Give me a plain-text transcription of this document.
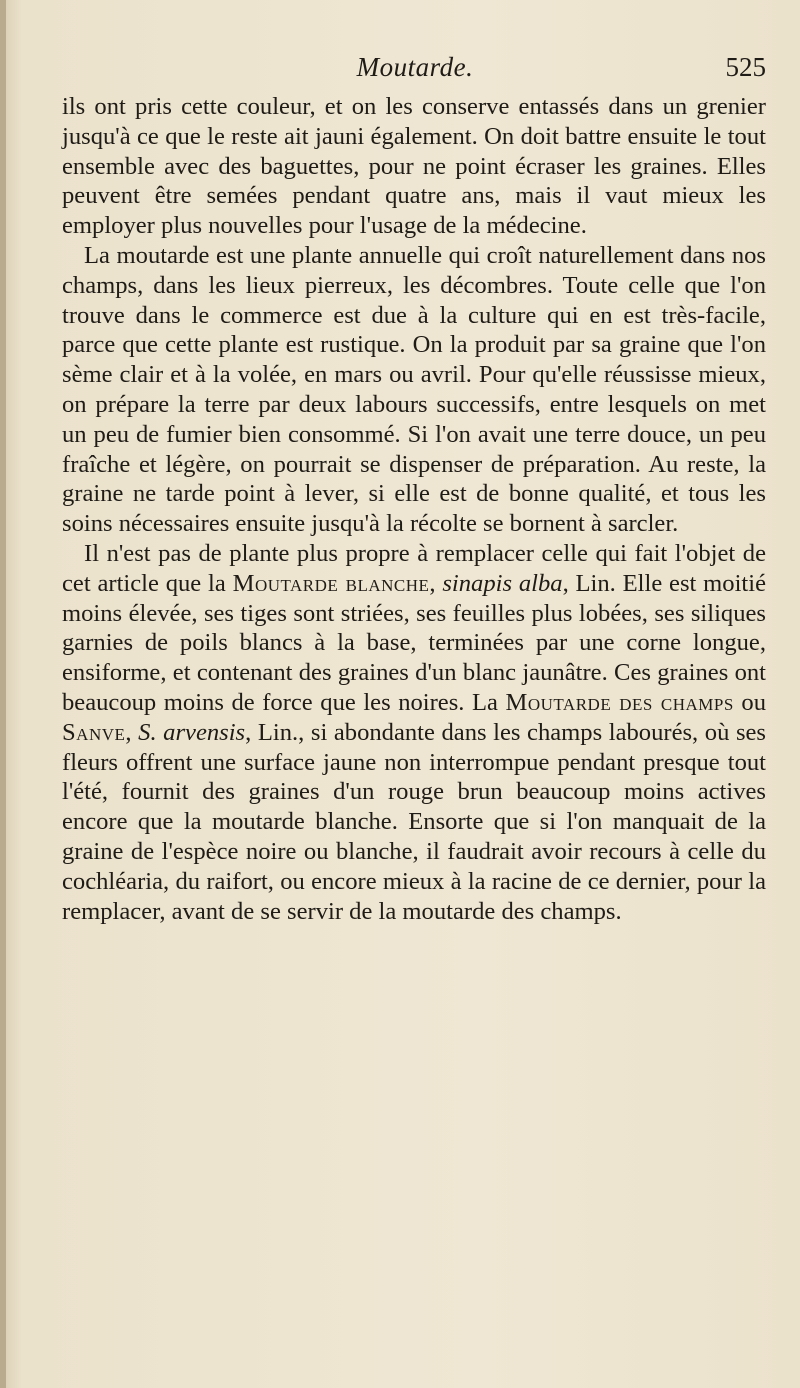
Moutarde.	525

ils ont pris cette couleur, et on les conserve entassés dans un grenier jusqu'à ce que le reste ait jauni également. On doit battre ensuite le tout ensemble avec des baguettes, pour ne point écraser les graines. Elles peuvent être semées pendant quatre ans, mais il vaut mieux les employer plus nouvelles pour l'usage de la médecine.

La moutarde est une plante annuelle qui croît naturellement dans nos champs, dans les lieux pierreux, les décombres. Toute celle que l'on trouve dans le commerce est due à la culture qui en est très-facile, parce que cette plante est rustique. On la produit par sa graine que l'on sème clair et à la volée, en mars ou avril. Pour qu'elle réussisse mieux, on prépare la terre par deux labours successifs, entre lesquels on met un peu de fumier bien consommé. Si l'on avait une terre douce, un peu fraîche et légère, on pourrait se dispenser de préparation. Au reste, la graine ne tarde point à lever, si elle est de bonne qualité, et tous les soins nécessaires ensuite jusqu'à la récolte se bornent à sarcler.

Il n'est pas de plante plus propre à remplacer celle qui fait l'objet de cet article que la Moutarde blanche, sinapis alba, Lin. Elle est moitié moins élevée, ses tiges sont striées, ses feuilles plus lobées, ses siliques garnies de poils blancs à la base, terminées par une corne longue, ensiforme, et contenant des graines d'un blanc jaunâtre. Ces graines ont beaucoup moins de force que les noires. La Moutarde des champs ou Sanve, S. arvensis, Lin., si abondante dans les champs labourés, où ses fleurs offrent une surface jaune non interrompue pendant presque tout l'été, fournit des graines d'un rouge brun beaucoup moins actives encore que la moutarde blanche. Ensorte que si l'on manquait de la graine de l'espèce noire ou blanche, il faudrait avoir recours à celle du cochléaria, du raifort, ou encore mieux à la racine de ce dernier, pour la remplacer, avant de se servir de la moutarde des champs.
